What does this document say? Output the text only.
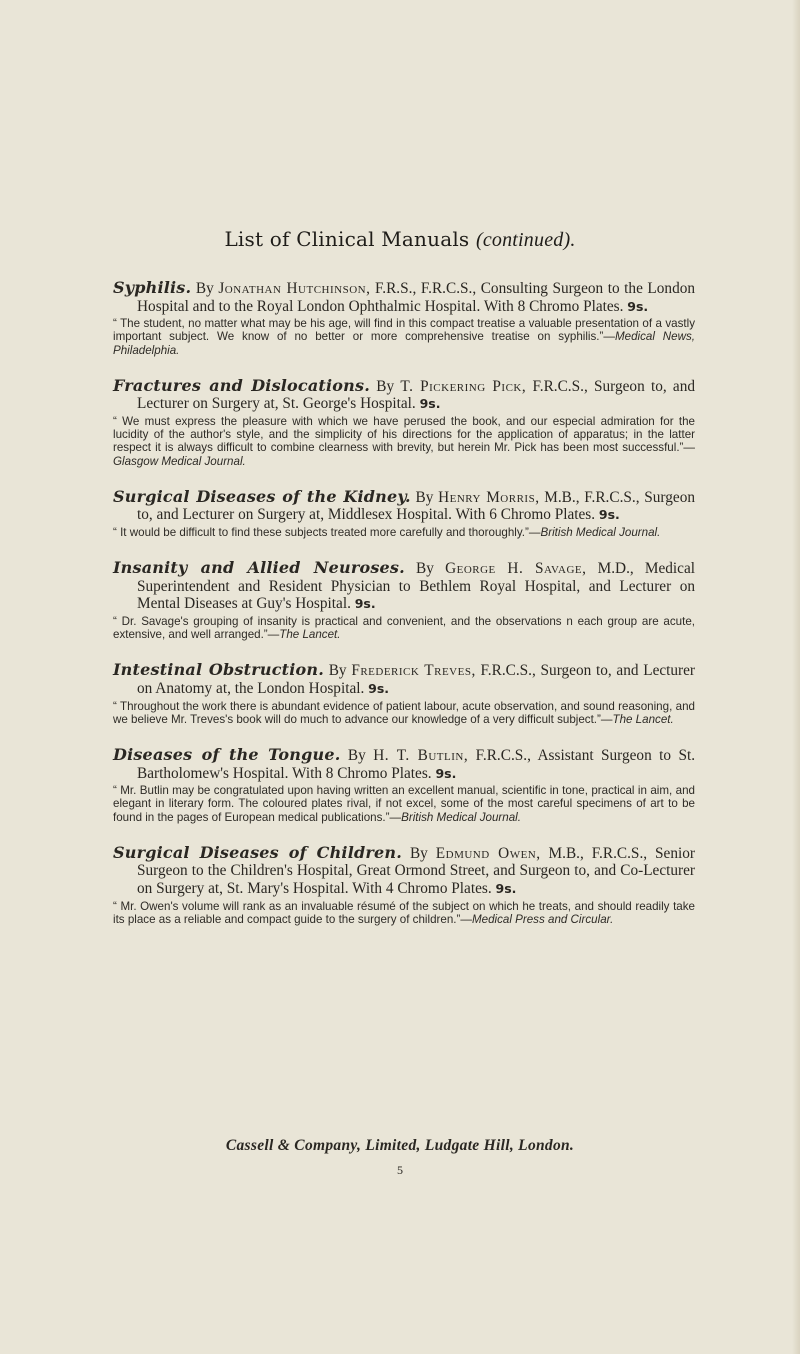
List of Clinical Manuals (continued).
Syphilis. By Jonathan Hutchinson, F.R.S., F.R.C.S., Consulting Surgeon to the London Hospital and to the Royal London Ophthalmic Hospital. With 8 Chromo Plates. 9s.
“ The student, no matter what may be his age, will find in this compact treatise a valuable presentation of a vastly important subject. We know of no better or more comprehensive treatise on syphilis.”—Medical News, Philadelphia.
Fractures and Dislocations. By T. Pickering Pick, F.R.C.S., Surgeon to, and Lecturer on Surgery at, St. George's Hospital. 9s.
“ We must express the pleasure with which we have perused the book, and our especial admiration for the lucidity of the author's style, and the simplicity of his directions for the application of apparatus; in the latter respect it is always difficult to combine clearness with brevity, but herein Mr. Pick has been most successful.”—Glasgow Medical Journal.
Surgical Diseases of the Kidney. By Henry Morris, M.B., F.R.C.S., Surgeon to, and Lecturer on Surgery at, Middlesex Hospital. With 6 Chromo Plates. 9s.
“ It would be difficult to find these subjects treated more carefully and thoroughly.”—British Medical Journal.
Insanity and Allied Neuroses. By George H. Savage, M.D., Medical Superintendent and Resident Physician to Bethlem Royal Hospital, and Lecturer on Mental Diseases at Guy's Hospital. 9s.
“ Dr. Savage's grouping of insanity is practical and convenient, and the observations n each group are acute, extensive, and well arranged.”—The Lancet.
Intestinal Obstruction. By Frederick Treves, F.R.C.S., Surgeon to, and Lecturer on Anatomy at, the London Hospital. 9s.
“ Throughout the work there is abundant evidence of patient labour, acute observation, and sound reasoning, and we believe Mr. Treves's book will do much to advance our knowledge of a very difficult subject.”—The Lancet.
Diseases of the Tongue. By H. T. Butlin, F.R.C.S., Assistant Surgeon to St. Bartholomew's Hospital. With 8 Chromo Plates. 9s.
“ Mr. Butlin may be congratulated upon having written an excellent manual, scientific in tone, practical in aim, and elegant in literary form. The coloured plates rival, if not excel, some of the most careful specimens of art to be found in the pages of European medical publications.”—British Medical Journal.
Surgical Diseases of Children. By Edmund Owen, M.B., F.R.C.S., Senior Surgeon to the Children's Hospital, Great Ormond Street, and Surgeon to, and Co-Lecturer on Surgery at, St. Mary's Hospital. With 4 Chromo Plates. 9s.
“ Mr. Owen's volume will rank as an invaluable résumé of the subject on which he treats, and should readily take its place as a reliable and compact guide to the surgery of children.”—Medical Press and Circular.
Cassell & Company, Limited, Ludgate Hill, London.
5
